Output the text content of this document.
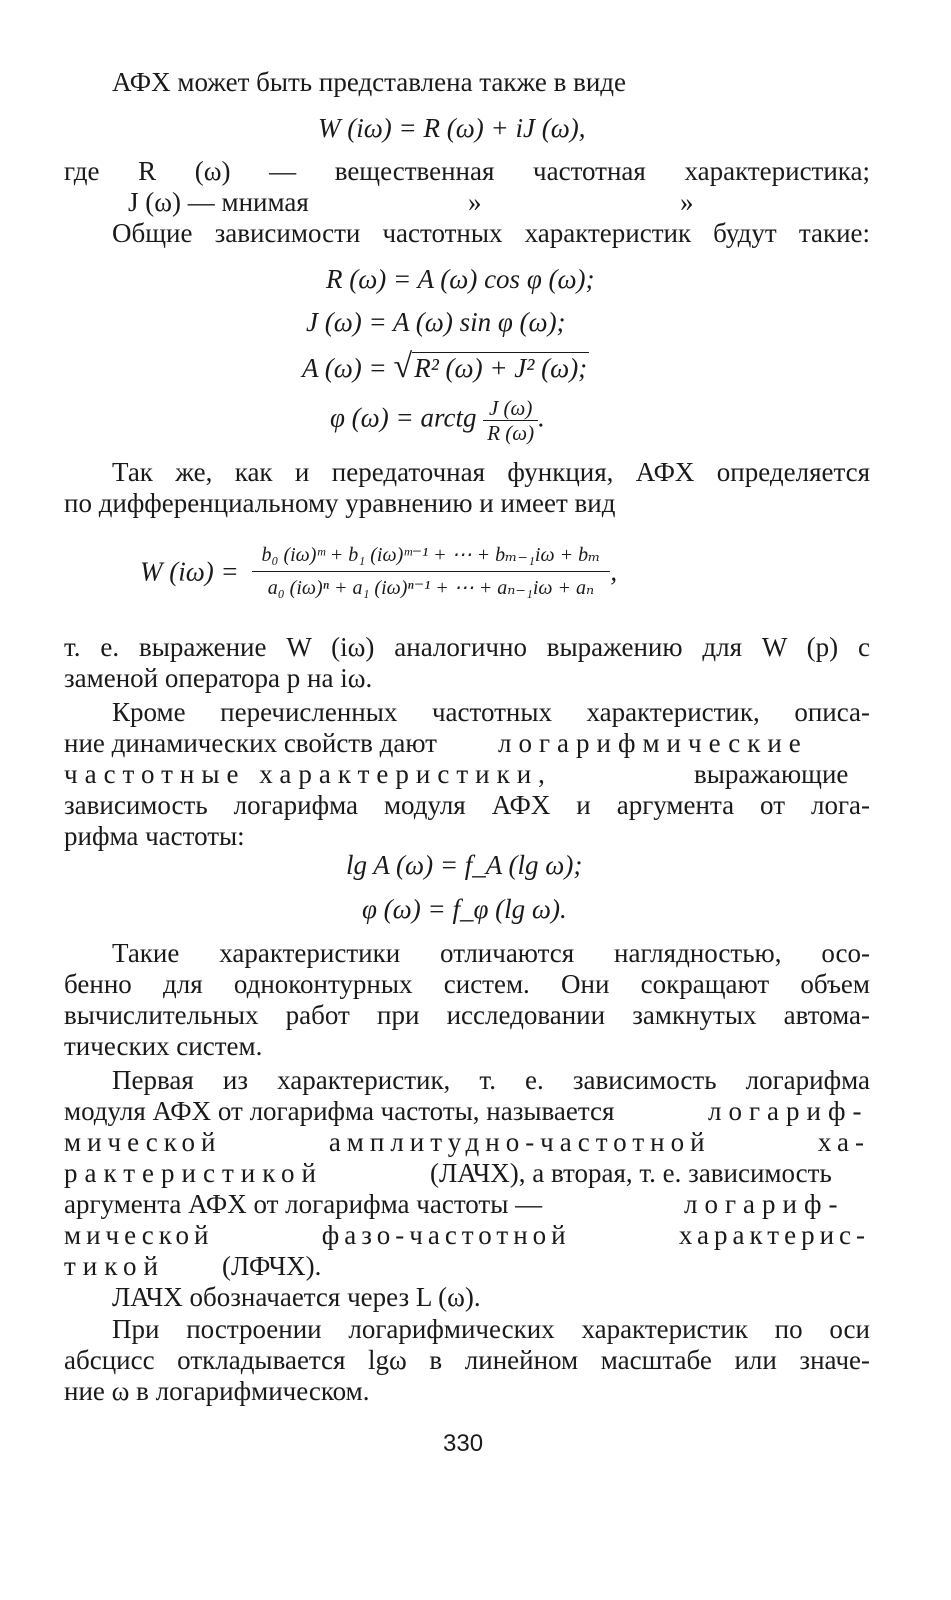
АФХ может быть представлена также в виде
W (iω) = R (ω) + iJ (ω),
где R (ω) — вещественная частотная характеристика;
J (ω) — мнимая	»	»
Общие зависимости частотных характеристик будут такие:
R (ω) = A (ω) cos φ (ω);
J (ω) = A (ω) sin φ (ω);
A (ω) = √R² (ω) + J² (ω);
φ (ω) = arctg $\frac{J (\omega)}{R (\omega)}$ .
Так же, как и передаточная функция, АФХ определяется
по дифференциальному уравнению и имеет вид
W $(i\omega) = \frac{\text{b₀ (iω)ᵐ + b₁ (iω)ᵐ⁻¹ + ⋯ + bₘ₋₁iω + bₘ}}{\text{a₀ (iω)ⁿ + a₁ (iω)ⁿ⁻¹ + ⋯ + aₙ₋₁iω + aₙ}}$ ,
т. е. выражение W (iω) аналогично выражению для W (p) с
заменой оператора p на iω.
Кроме перечисленных частотных характеристик, описа-
ние динамических свойств дают логарифмические
частотные характеристики,	выражающие
зависимость логарифма модуля АФХ и аргумента от лога-
рифма частоты:
lg A (ω) = f_A (lg ω);
φ (ω) = f_φ (lg ω).
Такие характеристики отличаются наглядностью, осо-
бенно для одноконтурных систем. Они сокращают объем
вычислительных работ при исследовании замкнутых автома-
тических систем.
Первая из характеристик, т. е. зависимость логарифма
модуля АФХ от логарифма частоты, называется	логариф-
мической амплитудно-частотной ха-
рактеристикой	(ЛАЧХ), а вторая, т. е. зависимость
аргумента АФХ от логарифма частоты —	логариф-
мической фазо-частотной характерис-
тикой (ЛФЧХ).
ЛАЧХ обозначается через L (ω).
При построении логарифмических характеристик по оси
абсцисс откладывается lgω в линейном масштабе или значе-
ние ω в логарифмическом.
330
